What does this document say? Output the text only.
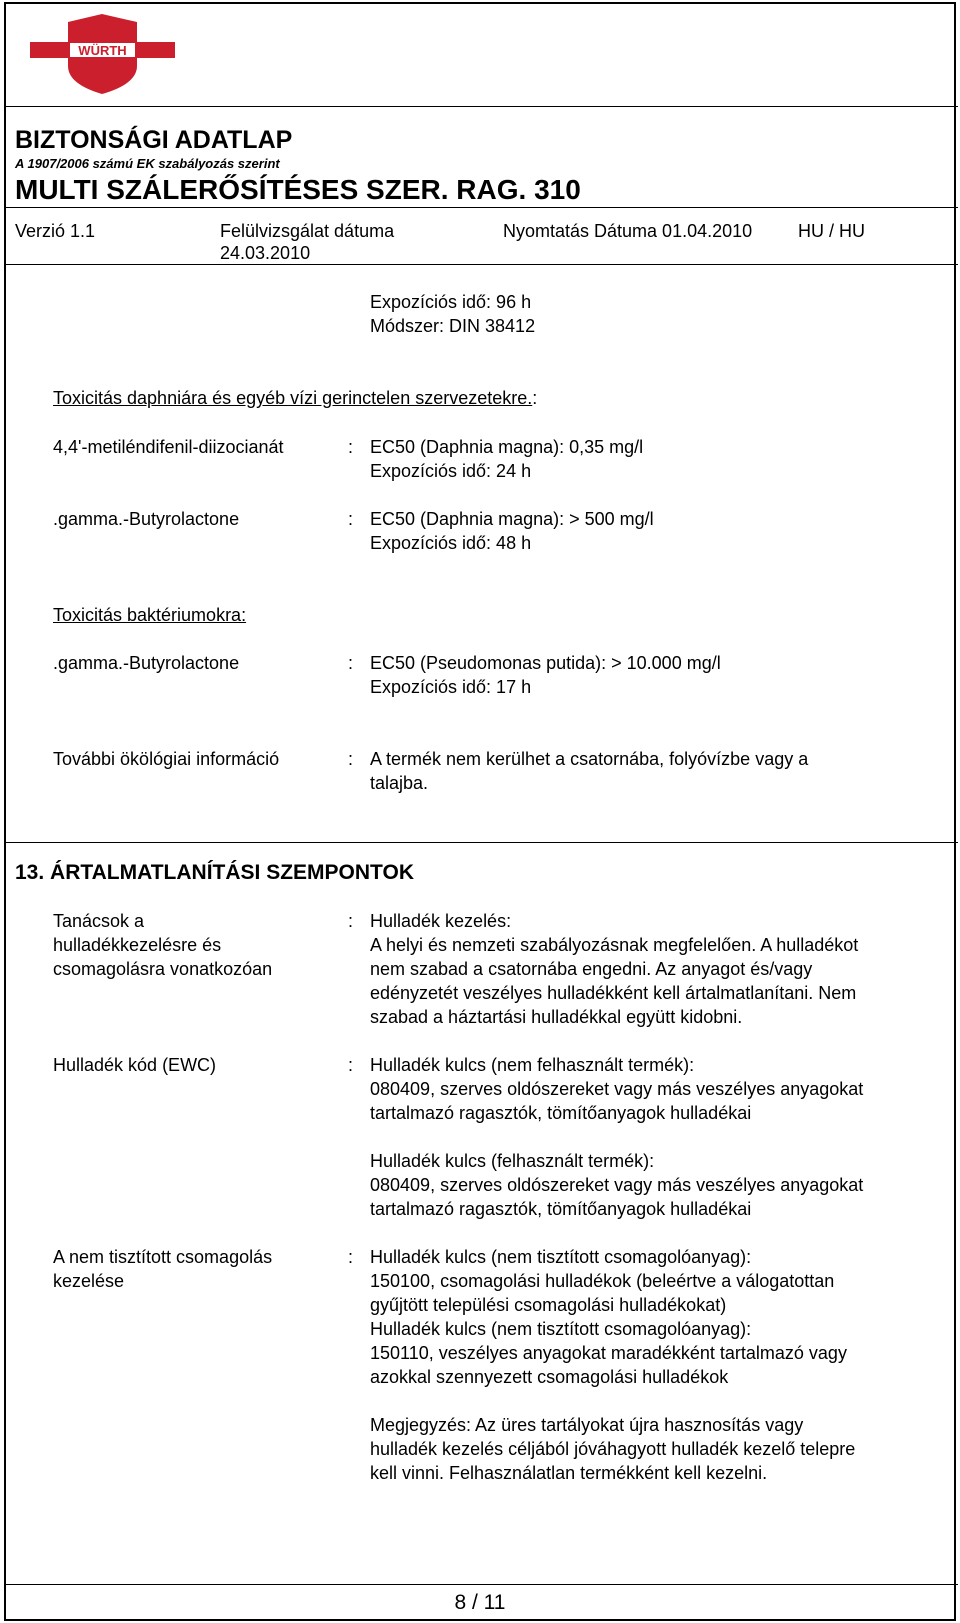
WÜRTH
BIZTONSÁGI ADATLAP
A 1907/2006 számú EK szabályozás szerint
MULTI SZÁLERŐSÍTÉSES SZER. RAG. 310
Verzió 1.1	Felülvizsgálat dátuma
24.03.2010
Nyomtatás Dátuma 01.04.2010	HU / HU
Expozíciós idő: 96 h
Módszer: DIN 38412
Toxicitás daphniára és egyéb vízi gerinctelen szervezetekre.:
4,4'-metiléndifenil-diizocianát	: EC50 (Daphnia magna): 0,35 mg/l
Expozíciós idő: 24 h
.gamma.-Butyrolactone	: EC50 (Daphnia magna): > 500 mg/l
Expozíciós idő: 48 h
Toxicitás baktériumokra:
.gamma.-Butyrolactone	: EC50 (Pseudomonas putida): > 10.000 mg/l
Expozíciós idő: 17 h
További ökölógiai információ	: A termék nem kerülhet a csatornába, folyóvízbe vagy a
talajba.
13. ÁRTALMATLANÍTÁSI SZEMPONTOK
Tanácsok a
hulladékkezelésre és
csomagolásra vonatkozóan
: Hulladék kezelés:
A helyi és nemzeti szabályozásnak megfelelően. A hulladékot
nem szabad a csatornába engedni. Az anyagot és/vagy
edényzetét veszélyes hulladékként kell ártalmatlanítani. Nem
szabad a háztartási hulladékkal együtt kidobni.
Hulladék kód (EWC)	: Hulladék kulcs (nem felhasznált termék):
080409, szerves oldószereket vagy más veszélyes anyagokat
tartalmazó ragasztók, tömítőanyagok hulladékai
Hulladék kulcs (felhasznált termék):
080409, szerves oldószereket vagy más veszélyes anyagokat
tartalmazó ragasztók, tömítőanyagok hulladékai
A nem tisztított csomagolás
kezelése
: Hulladék kulcs (nem tisztított csomagolóanyag):
150100, csomagolási hulladékok (beleértve a válogatottan
gyűjtött települési csomagolási hulladékokat)
Hulladék kulcs (nem tisztított csomagolóanyag):
150110, veszélyes anyagokat maradékként tartalmazó vagy
azokkal szennyezett csomagolási hulladékok
Megjegyzés: Az üres tartályokat újra hasznosítás vagy
hulladék kezelés céljából jóváhagyott hulladék kezelő telepre
kell vinni. Felhasználatlan termékként kell kezelni.
8 / 11
